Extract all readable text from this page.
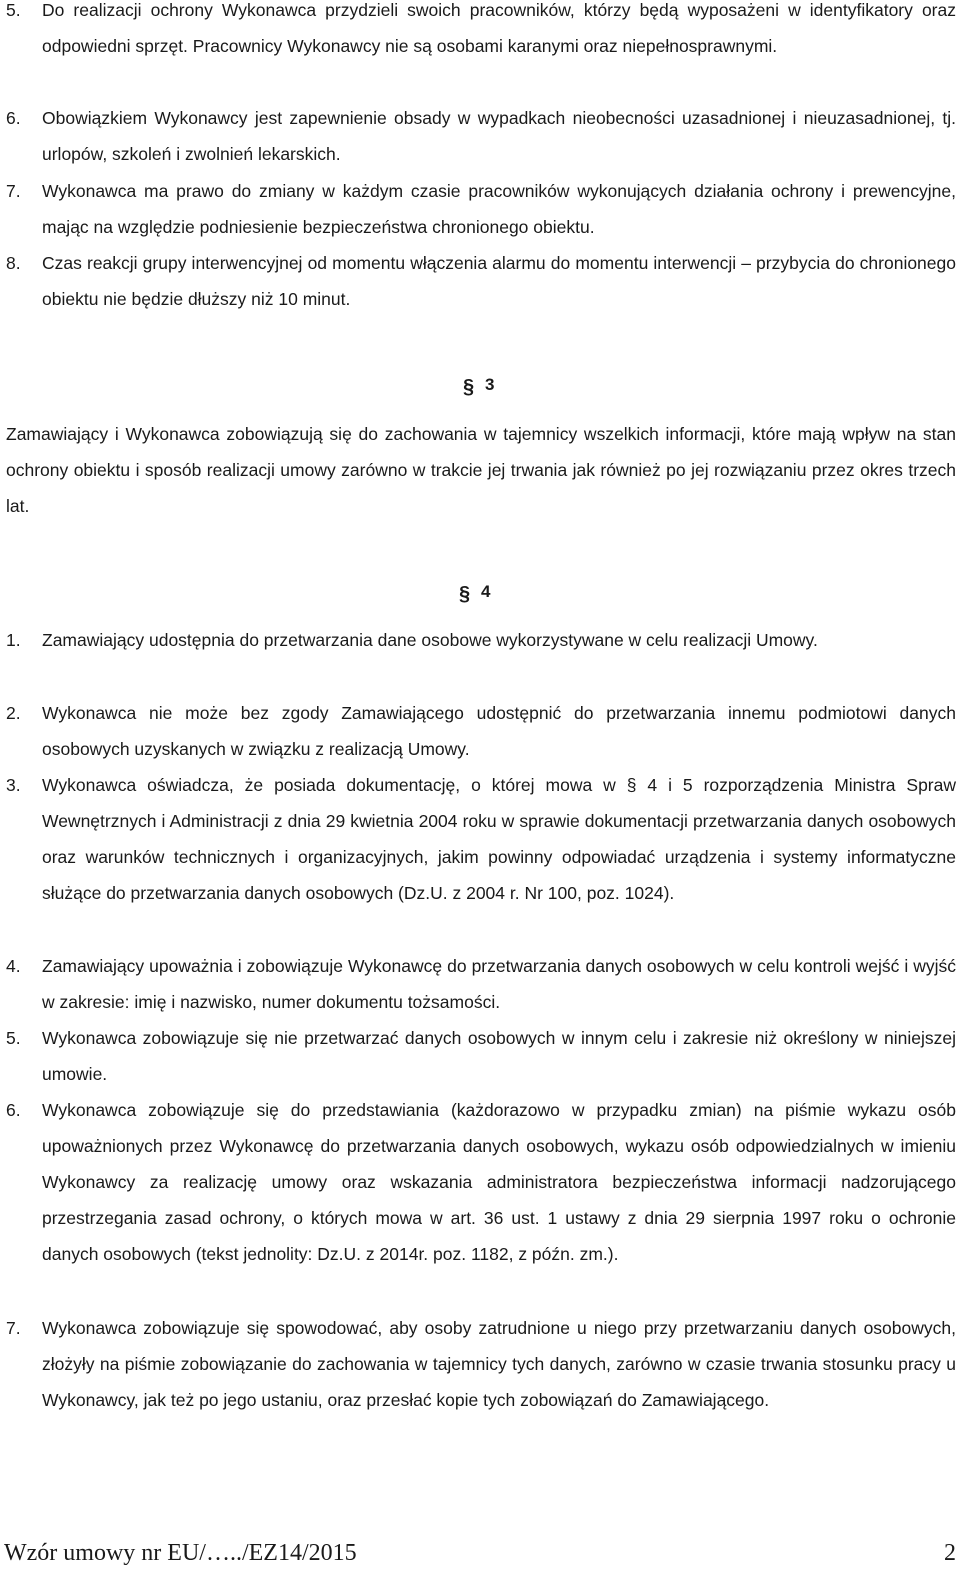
5. Do realizacji ochrony Wykonawca przydzieli swoich pracowników, którzy będą wyposażeni w identyfikatory oraz odpowiedni sprzęt. Pracownicy Wykonawcy nie są osobami karanymi oraz niepełnosprawnymi.
6. Obowiązkiem Wykonawcy jest zapewnienie obsady w wypadkach nieobecności uzasadnionej i nieuzasadnionej, tj. urlopów, szkoleń i zwolnień lekarskich.
7. Wykonawca ma prawo do zmiany w każdym czasie pracowników wykonujących działania ochrony i prewencyjne, mając na względzie podniesienie bezpieczeństwa chronionego obiektu.
8. Czas reakcji grupy interwencyjnej od momentu włączenia alarmu do momentu interwencji – przybycia do chronionego obiektu nie będzie dłuższy niż 10 minut.
§ 3
Zamawiający i Wykonawca zobowiązują się do zachowania w tajemnicy wszelkich informacji, które mają wpływ na stan ochrony obiektu i sposób realizacji umowy zarówno w trakcie jej trwania jak również po jej rozwiązaniu przez okres trzech lat.
§ 4
1. Zamawiający udostępnia do przetwarzania dane osobowe wykorzystywane w celu realizacji Umowy.
2. Wykonawca nie może bez zgody Zamawiającego udostępnić do przetwarzania innemu podmiotowi danych osobowych uzyskanych w związku z realizacją Umowy.
3. Wykonawca oświadcza, że posiada dokumentację, o której mowa w § 4 i 5 rozporządzenia Ministra Spraw Wewnętrznych i Administracji z dnia 29 kwietnia 2004 roku w sprawie dokumentacji przetwarzania danych osobowych oraz warunków technicznych i organizacyjnych, jakim powinny odpowiadać urządzenia i systemy informatyczne służące do przetwarzania danych osobowych (Dz.U. z 2004 r. Nr 100, poz. 1024).
4. Zamawiający upoważnia i zobowiązuje Wykonawcę do przetwarzania danych osobowych w celu kontroli wejść i wyjść w zakresie: imię i nazwisko, numer dokumentu tożsamości.
5. Wykonawca zobowiązuje się nie przetwarzać danych osobowych w innym celu i zakresie niż określony w niniejszej umowie.
6. Wykonawca zobowiązuje się do przedstawiania (każdorazowo w przypadku zmian) na piśmie wykazu osób upoważnionych przez Wykonawcę do przetwarzania danych osobowych, wykazu osób odpowiedzialnych w imieniu Wykonawcy za realizację umowy oraz wskazania administratora bezpieczeństwa informacji nadzorującego przestrzegania zasad ochrony, o których mowa w art. 36 ust. 1 ustawy z dnia 29 sierpnia 1997 roku o ochronie danych osobowych (tekst jednolity: Dz.U. z 2014r. poz. 1182, z późn. zm.).
7. Wykonawca zobowiązuje się spowodować, aby osoby zatrudnione u niego przy przetwarzaniu danych osobowych, złożyły na piśmie zobowiązanie do zachowania w tajemnicy tych danych, zarówno w czasie trwania stosunku pracy u Wykonawcy, jak też po jego ustaniu, oraz przesłać kopie tych zobowiązań do Zamawiającego.
Wzór umowy nr EU/…../EZ14/2015	2
